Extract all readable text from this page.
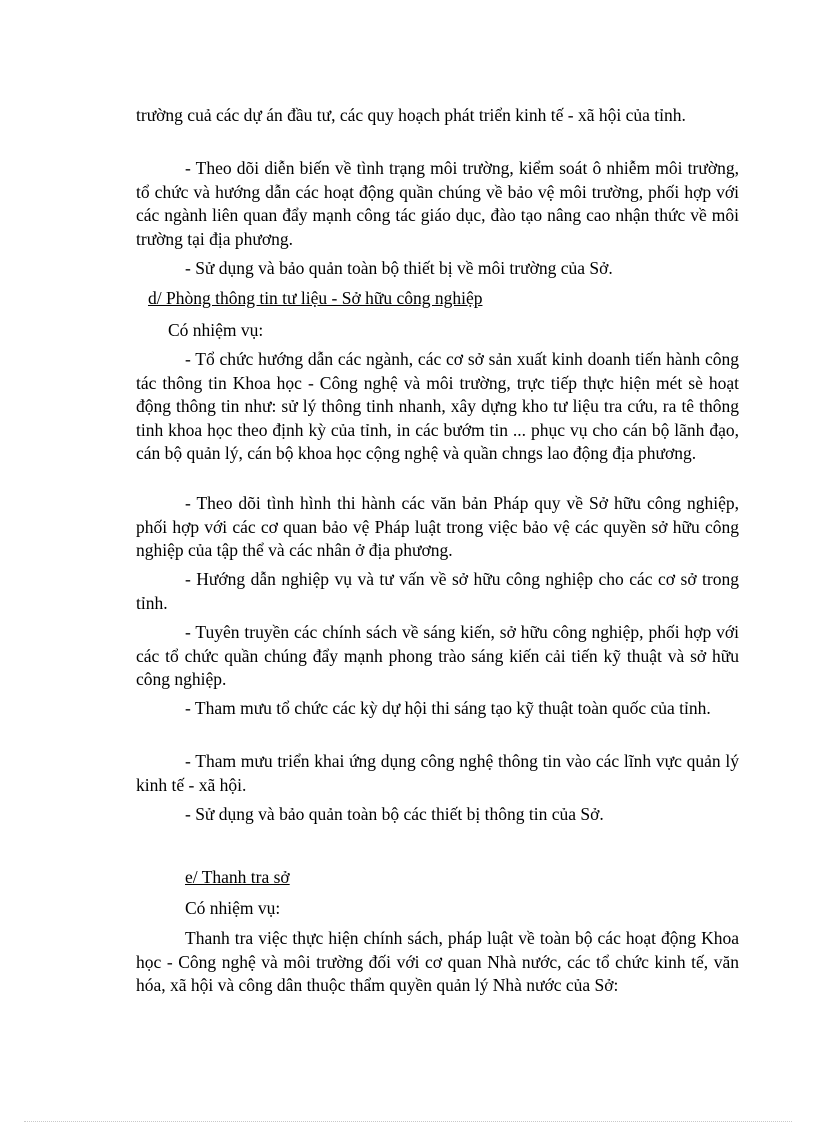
trường cuả các dự án đầu tư, các quy hoạch phát triển kinh tế - xã hội của tỉnh.

- Theo dõi diễn biến về tình trạng môi trường, kiểm soát ô nhiễm môi trường, tổ chức và hướng dẫn các hoạt động quần chúng về bảo vệ môi trường, phối hợp với các ngành liên quan đẩy mạnh công tác giáo dục, đào tạo nâng cao nhận thức về môi trường tại địa phương.

- Sử dụng và bảo quản toàn bộ thiết bị về môi trường của Sở.

d/ Phòng thông tin tư liệu - Sở hữu công nghiệp

Có nhiệm vụ:

- Tổ chức hướng dẫn các ngành, các cơ sở sản xuất kinh doanh tiến hành công tác thông tin Khoa học - Công nghệ và môi trường, trực tiếp thực hiện mét sè hoạt động thông tin như: sử lý thông tinh nhanh, xây dựng kho tư liệu tra cứu, ra tê thông tinh khoa học theo định kỳ của tỉnh, in các bướm tin ... phục vụ cho cán bộ lãnh đạo, cán bộ quản lý, cán bộ khoa học cộng nghệ và quần chngs lao động địa phương.

- Theo dõi tình hình thi hành các văn bản Pháp quy về Sở hữu công nghiệp, phối hợp với các cơ quan bảo vệ Pháp luật trong việc bảo vệ các quyền sở hữu công nghiệp của tập thể và các nhân ở địa phương.

- Hướng dẫn nghiệp vụ và tư vấn về sở hữu công nghiệp cho các cơ sở trong tỉnh.

- Tuyên truyền các chính sách về sáng kiến, sở hữu công nghiệp, phối hợp với các tổ chức quần chúng đẩy mạnh phong trào sáng kiến cải tiến kỹ thuật và sở hữu công nghiệp.

- Tham mưu tổ chức các kỳ dự hội thi sáng tạo kỹ thuật toàn quốc của tỉnh.

- Tham mưu triển khai ứng dụng công nghệ thông tin vào các lĩnh vực quản lý kinh tế - xã hội.

- Sử dụng và bảo quản toàn bộ các thiết bị thông tin của Sở.

e/ Thanh tra sở

Có nhiệm vụ:

Thanh tra việc thực hiện chính sách, pháp luật về toàn bộ các hoạt động Khoa học - Công nghệ và môi trường đối với cơ quan Nhà nước, các tổ chức kinh tế, văn hóa, xã hội và công dân thuộc thẩm quyền quản lý Nhà nước của Sở:
